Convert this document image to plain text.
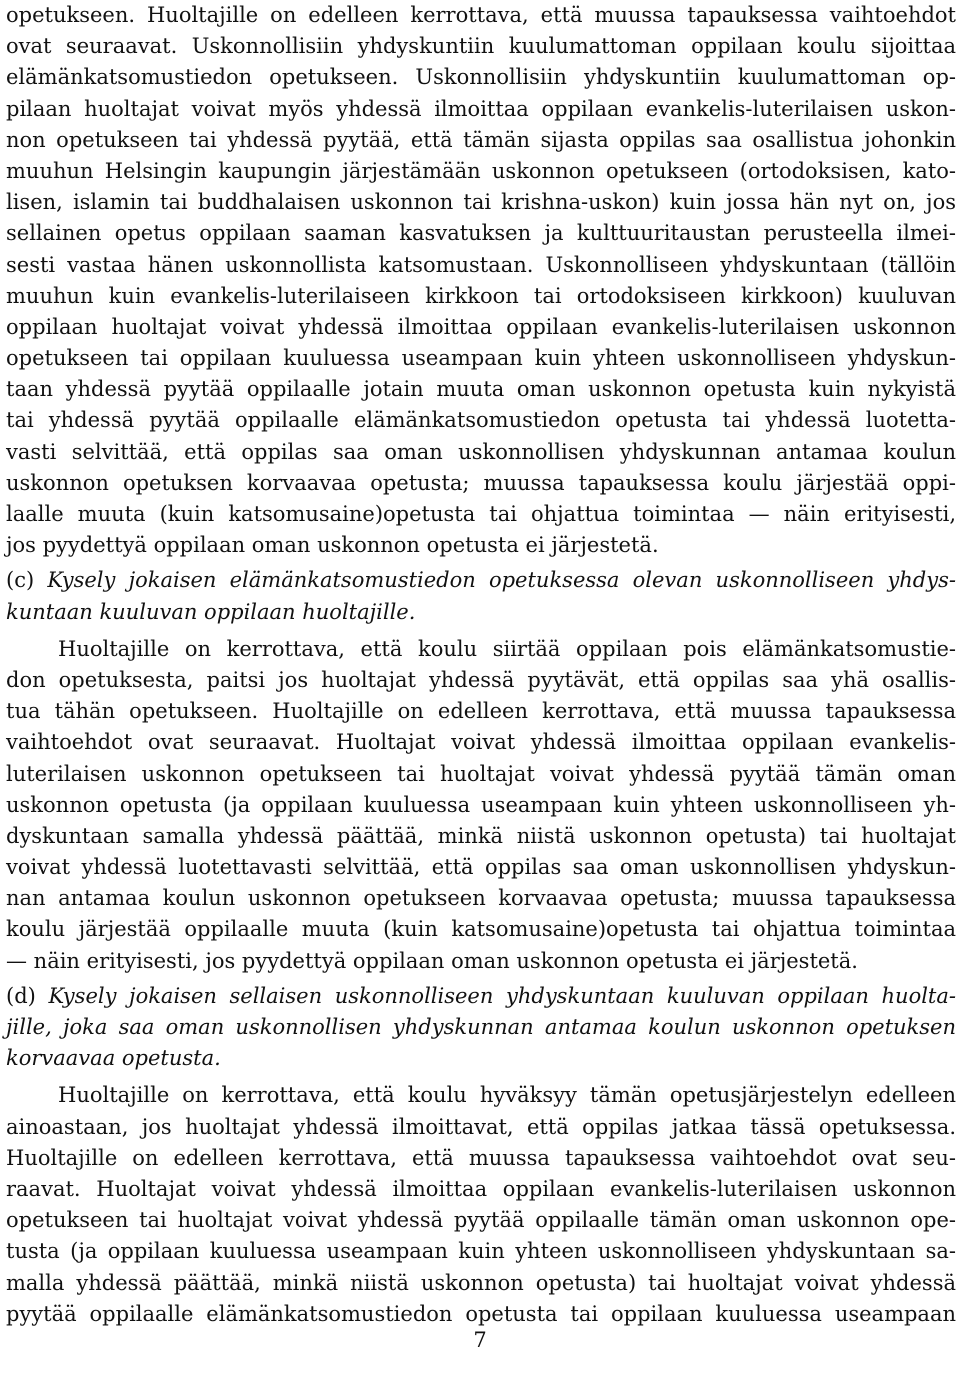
opetukseen. Huoltajille on edelleen kerrottava, että muussa tapauksessa vaihtoehdot
ovat seuraavat. Uskonnollisiin yhdyskuntiin kuulumattoman oppilaan koulu sijoittaa
elämänkatsomustiedon opetukseen. Uskonnollisiin yhdyskuntiin kuulumattoman op-
pilaan huoltajat voivat myös yhdessä ilmoittaa oppilaan evankelis-luterilaisen uskon-
non opetukseen tai yhdessä pyytää, että tämän sijasta oppilas saa osallistua johonkin
muuhun Helsingin kaupungin järjestämään uskonnon opetukseen (ortodoksisen, kato-
lisen, islamin tai buddhalaisen uskonnon tai krishna-uskon) kuin jossa hän nyt on, jos
sellainen opetus oppilaan saaman kasvatuksen ja kulttuuritaustan perusteella ilmei-
sesti vastaa hänen uskonnollista katsomustaan. Uskonnolliseen yhdyskuntaan (tällöin
muuhun kuin evankelis-luterilaiseen kirkkoon tai ortodoksiseen kirkkoon) kuuluvan
oppilaan huoltajat voivat yhdessä ilmoittaa oppilaan evankelis-luterilaisen uskonnon
opetukseen tai oppilaan kuuluessa useampaan kuin yhteen uskonnolliseen yhdyskun-
taan yhdessä pyytää oppilaalle jotain muuta oman uskonnon opetusta kuin nykyistä
tai yhdessä pyytää oppilaalle elämänkatsomustiedon opetusta tai yhdessä luotetta-
vasti selvittää, että oppilas saa oman uskonnollisen yhdyskunnan antamaa koulun
uskonnon opetuksen korvaavaa opetusta; muussa tapauksessa koulu järjestää oppi-
laalle muuta (kuin katsomusaine)opetusta tai ohjattua toimintaa — näin erityisesti,
jos pyydettyä oppilaan oman uskonnon opetusta ei järjestetä.
(c) Kysely jokaisen elämänkatsomustiedon opetuksessa olevan uskonnolliseen yhdys-
kuntaan kuuluvan oppilaan huoltajille.
Huoltajille on kerrottava, että koulu siirtää oppilaan pois elämänkatsomustie-
don opetuksesta, paitsi jos huoltajat yhdessä pyytävät, että oppilas saa yhä osallis-
tua tähän opetukseen. Huoltajille on edelleen kerrottava, että muussa tapauksessa
vaihtoehdot ovat seuraavat. Huoltajat voivat yhdessä ilmoittaa oppilaan evankelis-
luterilaisen uskonnon opetukseen tai huoltajat voivat yhdessä pyytää tämän oman
uskonnon opetusta (ja oppilaan kuuluessa useampaan kuin yhteen uskonnolliseen yh-
dyskuntaan samalla yhdessä päättää, minkä niistä uskonnon opetusta) tai huoltajat
voivat yhdessä luotettavasti selvittää, että oppilas saa oman uskonnollisen yhdyskun-
nan antamaa koulun uskonnon opetukseen korvaavaa opetusta; muussa tapauksessa
koulu järjestää oppilaalle muuta (kuin katsomusaine)opetusta tai ohjattua toimintaa
— näin erityisesti, jos pyydettyä oppilaan oman uskonnon opetusta ei järjestetä.
(d) Kysely jokaisen sellaisen uskonnolliseen yhdyskuntaan kuuluvan oppilaan huolta-
jille, joka saa oman uskonnollisen yhdyskunnan antamaa koulun uskonnon opetuksen
korvaavaa opetusta.
Huoltajille on kerrottava, että koulu hyväksyy tämän opetusjärjestelyn edelleen
ainoastaan, jos huoltajat yhdessä ilmoittavat, että oppilas jatkaa tässä opetuksessa.
Huoltajille on edelleen kerrottava, että muussa tapauksessa vaihtoehdot ovat seu-
raavat. Huoltajat voivat yhdessä ilmoittaa oppilaan evankelis-luterilaisen uskonnon
opetukseen tai huoltajat voivat yhdessä pyytää oppilaalle tämän oman uskonnon ope-
tusta (ja oppilaan kuuluessa useampaan kuin yhteen uskonnolliseen yhdyskuntaan sa-
malla yhdessä päättää, minkä niistä uskonnon opetusta) tai huoltajat voivat yhdessä
pyytää oppilaalle elämänkatsomustiedon opetusta tai oppilaan kuuluessa useampaan
7
